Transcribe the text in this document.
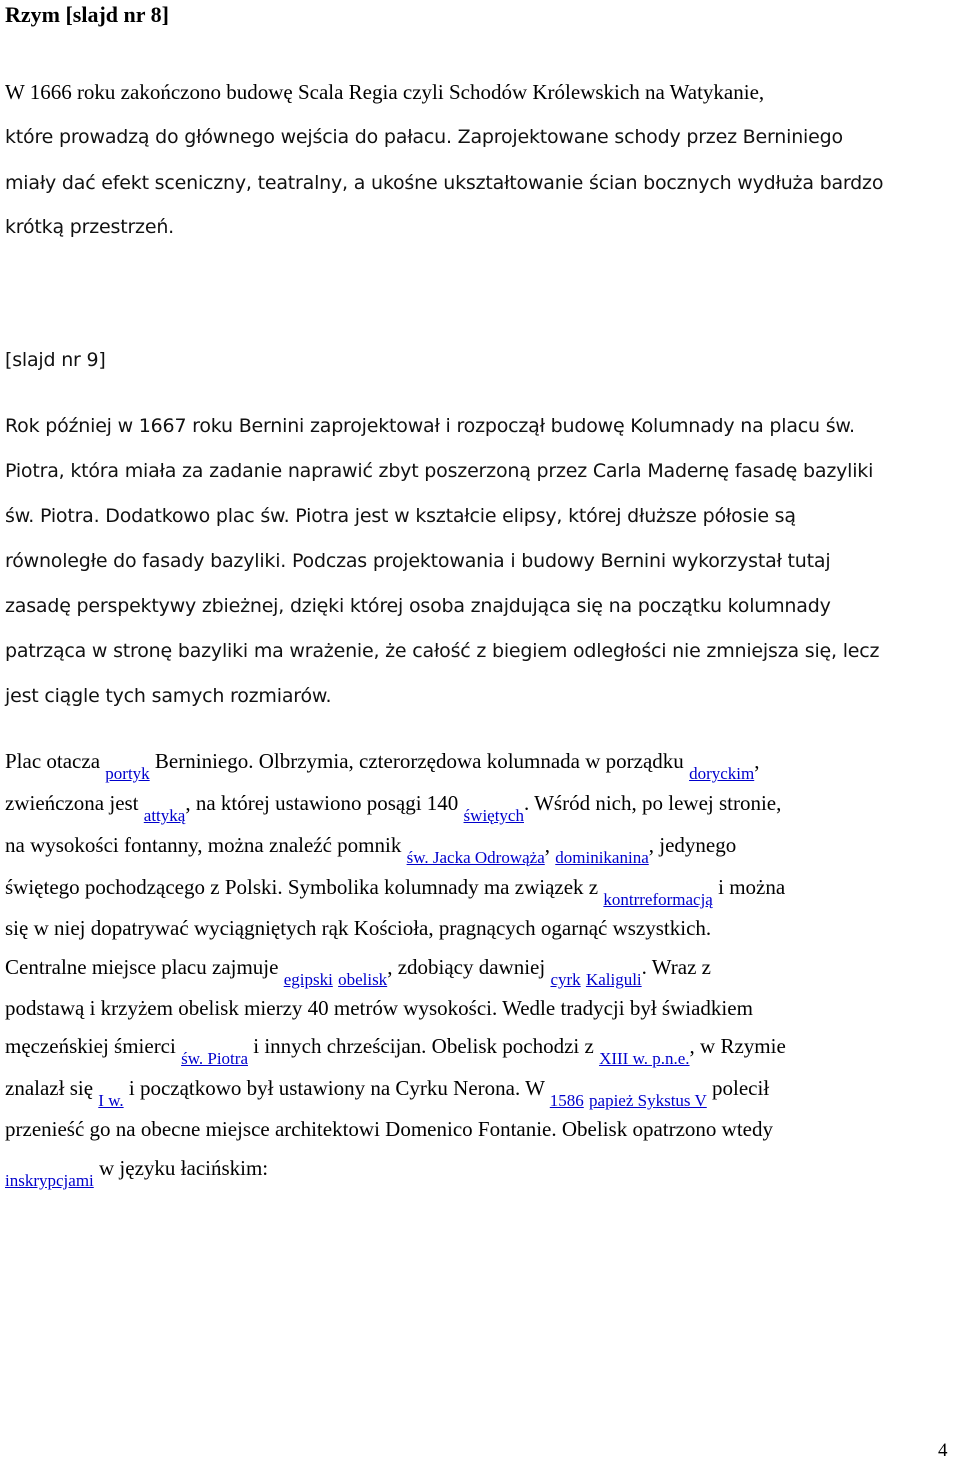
Rzym [slajd nr 8]
W 1666 roku zakończono budowę Scala Regia czyli Schodów Królewskich na Watykanie,
które prowadzą do głównego wejścia do pałacu. Zaprojektowane schody przez Berniniego
miały dać efekt sceniczny, teatralny, a ukośne ukształtowanie ścian bocznych wydłuża bardzo
krótką przestrzeń.
[slajd nr 9]
Rok później w 1667 roku Bernini zaprojektował i rozpoczął budowę Kolumnady na placu św.
Piotra, która miała za zadanie naprawić zbyt poszerzoną przez Carla Madernę fasadę bazyliki
św. Piotra. Dodatkowo plac św. Piotra jest w kształcie elipsy, której dłuższe półosie są
równoległe do fasady bazyliki. Podczas projektowania i budowy Bernini wykorzystał tutaj
zasadę perspektywy zbieżnej, dzięki której osoba znajdująca się na początku kolumnady
patrząca w stronę bazyliki ma wrażenie, że całość z biegiem odległości nie zmniejsza się, lecz
jest ciągle tych samych rozmiarów.
Plac otacza $_{portyk}$ Berniniego. Olbrzymia, czterorzędowa kolumnada w porządku $_{doryckim}$,
zwieńczona jest $_{attyką}$, na której ustawiono posągi 140 $_{świętych}$. Wśród nich, po lewej stronie,
na wysokości fontanny, można znaleźć pomnik $_{św. Jacka Odrowąża}$, $_{dominikanina}$, jedynego
świętego pochodzącego z Polski. Symbolika kolumnady ma związek z $_{kontrreformacją}$ i można
się w niej dopatrywać wyciągniętych rąk Kościoła, pragnących ogarnąć wszystkich.
Centralne miejsce placu zajmuje $_{egipski}$ $_{obelisk}$, zdobiący dawniej $_{cyrk}$ $_{Kaliguli}$. Wraz z
podstawą i krzyżem obelisk mierzy 40 metrów wysokości. Wedle tradycji był świadkiem
męczeńskiej śmierci $_{św. Piotra}$ i innych chrześcijan. Obelisk pochodzi z $_{XIII w. p.n.e.}$, w Rzymie
znalazł się $_{I w.}$ i początkowo był ustawiony na Cyrku Nerona. W $_{1586}$ $_{papież Sykstus V}$ polecił
przenieść go na obecne miejsce architektowi Domenico Fontanie. Obelisk opatrzono wtedy
$_{inskrypcjami}$ w języku łacińskim:
4
